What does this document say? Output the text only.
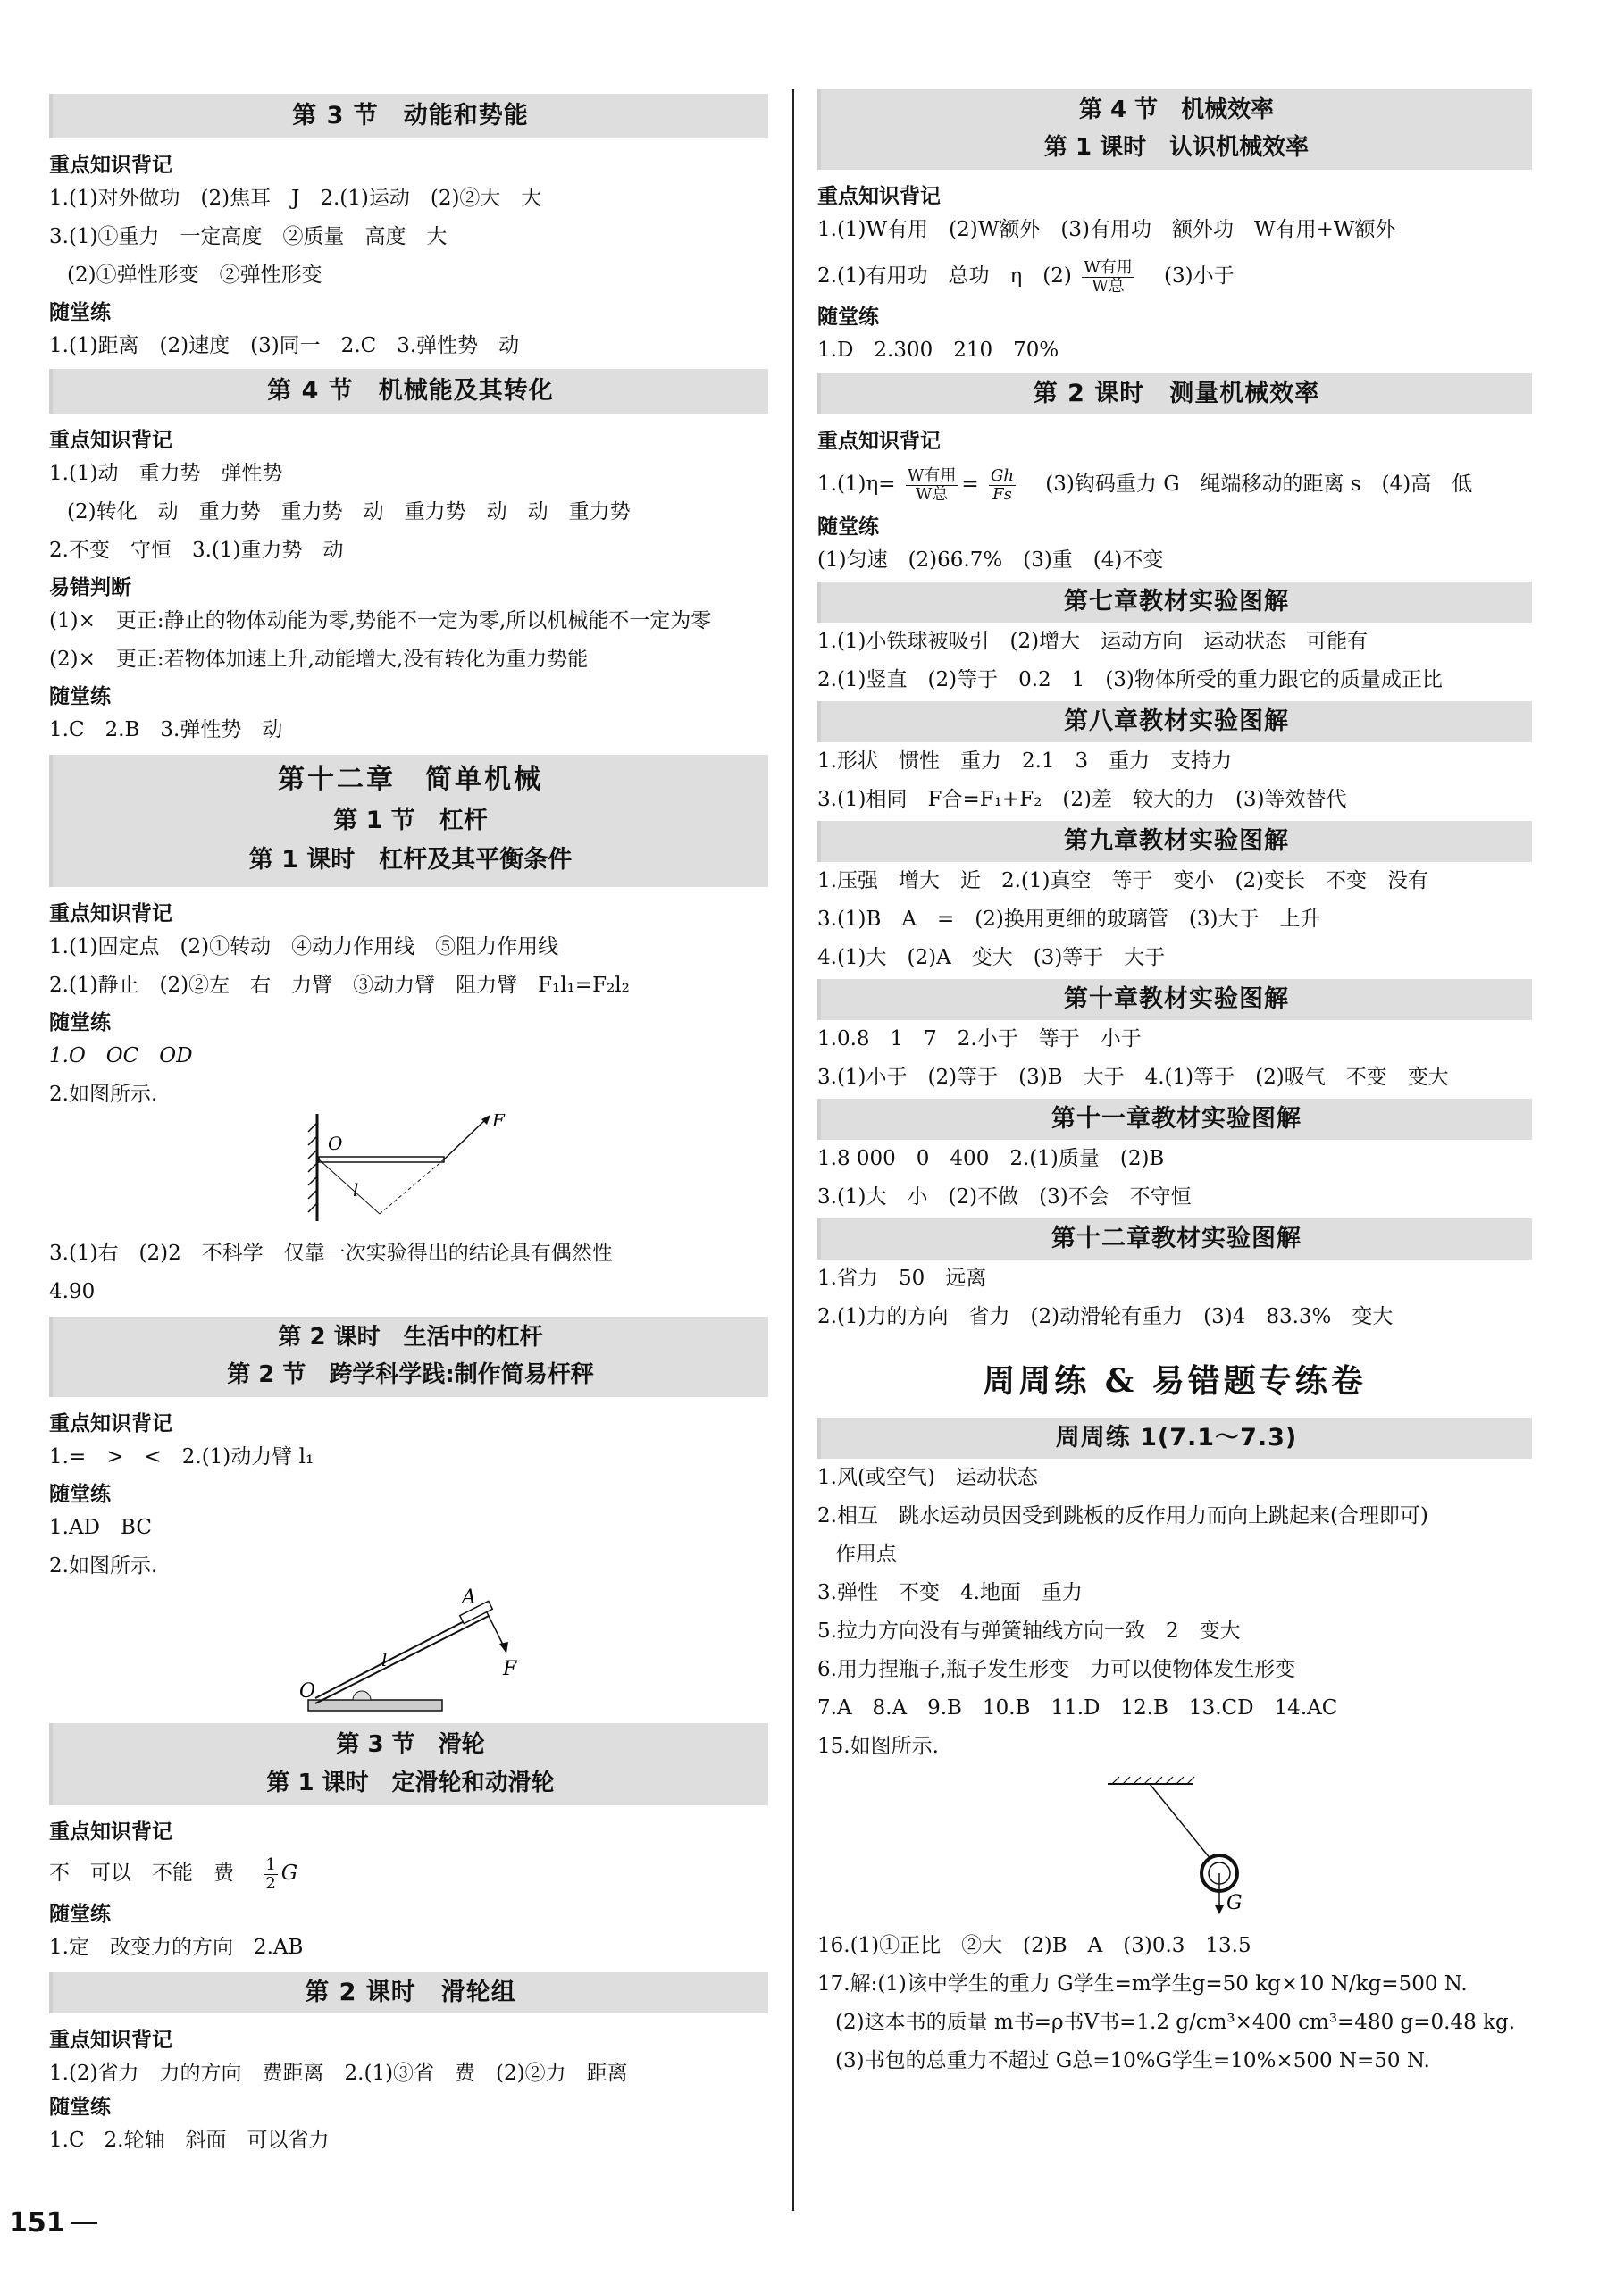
第 3 节　动能和势能
重点知识背记
1.(1)对外做功　(2)焦耳　J　2.(1)运动　(2)②大　大
3.(1)①重力　一定高度　②质量　高度　大
(2)①弹性形变　②弹性形变
随堂练
1.(1)距离　(2)速度　(3)同一　2.C　3.弹性势　动
第 4 节　机械能及其转化
重点知识背记
1.(1)动　重力势　弹性势
(2)转化　动　重力势　重力势　动　重力势　动　动　重力势
2.不变　守恒　3.(1)重力势　动
易错判断
(1)×　更正:静止的物体动能为零,势能不一定为零,所以机械能不一定为零
(2)×　更正:若物体加速上升,动能增大,没有转化为重力势能
随堂练
1.C　2.B　3.弹性势　动
第十二章　简单机械
第 1 节　杠杆
第 1 课时　杠杆及其平衡条件
重点知识背记
1.(1)固定点　(2)①转动　④动力作用线　⑤阻力作用线
2.(1)静止　(2)②左　右　力臂　③动力臂　阻力臂　F₁l₁=F₂l₂
随堂练
1.O　OC　OD
2.如图所示.
O
F
l
3.(1)右　(2)2　不科学　仅靠一次实验得出的结论具有偶然性
4.90
第 2 课时　生活中的杠杆
第 2 节　跨学科学践:制作简易杆秤
重点知识背记
1.=　>　<　2.(1)动力臂 l₁
随堂练
1.AD　BC
2.如图所示.
A
F
l
O
第 3 节　滑轮
第 1 课时　定滑轮和动滑轮
重点知识背记
不　可以　不能　费 $\frac{1}{2}$ G
随堂练
1.定　改变力的方向　2.AB
第 2 课时　滑轮组
重点知识背记
1.(2)省力　力的方向　费距离　2.(1)③省　费　(2)②力　距离
随堂练
1.C 2.轮轴　斜面　可以省力
第 4 节　机械效率
第 1 课时　认识机械效率
重点知识背记
1.(1)W有用　(2)W额外　(3)有用功　额外功　W有用+W额外
2.(1)有用功　总功　η　$(2) \frac{\text{W有用}}{\text{W总}} (3)$小于
随堂练
1.D　2.300　210　70%
第 2 课时　测量机械效率
重点知识背记
$1.(1)\eta= \frac{\text{W有用}}{\text{W总}} = \frac{Gh}{Fs} (3)$钩码重力 G　绳端移动的距离 s　(4)高　低
随堂练
(1)匀速　(2)66.7%　(3)重　(4)不变
第七章教材实验图解
1.(1)小铁球被吸引　(2)增大　运动方向　运动状态　可能有
2.(1)竖直　(2)等于　0.2　1　(3)物体所受的重力跟它的质量成正比
第八章教材实验图解
1.形状　惯性　重力　2.1　3　重力　支持力
3.(1)相同　F合=F₁+F₂　(2)差　较大的力　(3)等效替代
第九章教材实验图解
1.压强　增大　近　2.(1)真空　等于　变小　(2)变长　不变　没有
3.(1)B　A　=　(2)换用更细的玻璃管　(3)大于　上升
4.(1)大　(2)A　变大　(3)等于　大于
第十章教材实验图解
1.0.8　1　7　2.小于　等于　小于
3.(1)小于　(2)等于　(3)B　大于　4.(1)等于　(2)吸气　不变　变大
第十一章教材实验图解
1.8 000　0　400　2.(1)质量　(2)B
3.(1)大　小　(2)不做　(3)不会　不守恒
第十二章教材实验图解
1.省力　50　远离
2.(1)力的方向　省力　(2)动滑轮有重力　(3)4　83.3%　变大
周周练 & 易错题专练卷
周周练 1(7.1～7.3)
1.风(或空气)　运动状态
2.相互　跳水运动员因受到跳板的反作用力而向上跳起来(合理即可)
作用点
3.弹性　不变　4.地面　重力
5.拉力方向没有与弹簧轴线方向一致　2　变大
6.用力捏瓶子,瓶子发生形变　力可以使物体发生形变
7.A　8.A　9.B　10.B　11.D　12.B　13.CD　14.AC
15.如图所示.
G
16.(1)①正比　②大　(2)B　A　(3)0.3　13.5
17.解:(1)该中学生的重力 G学生=m学生g=50 kg×10 N/kg=500 N.
(2)这本书的质量 m书=ρ书V书=1.2 g/cm³×400 cm³=480 g=0.48 kg.
(3)书包的总重力不超过 G总=10%G学生=10%×500 N=50 N.
151
